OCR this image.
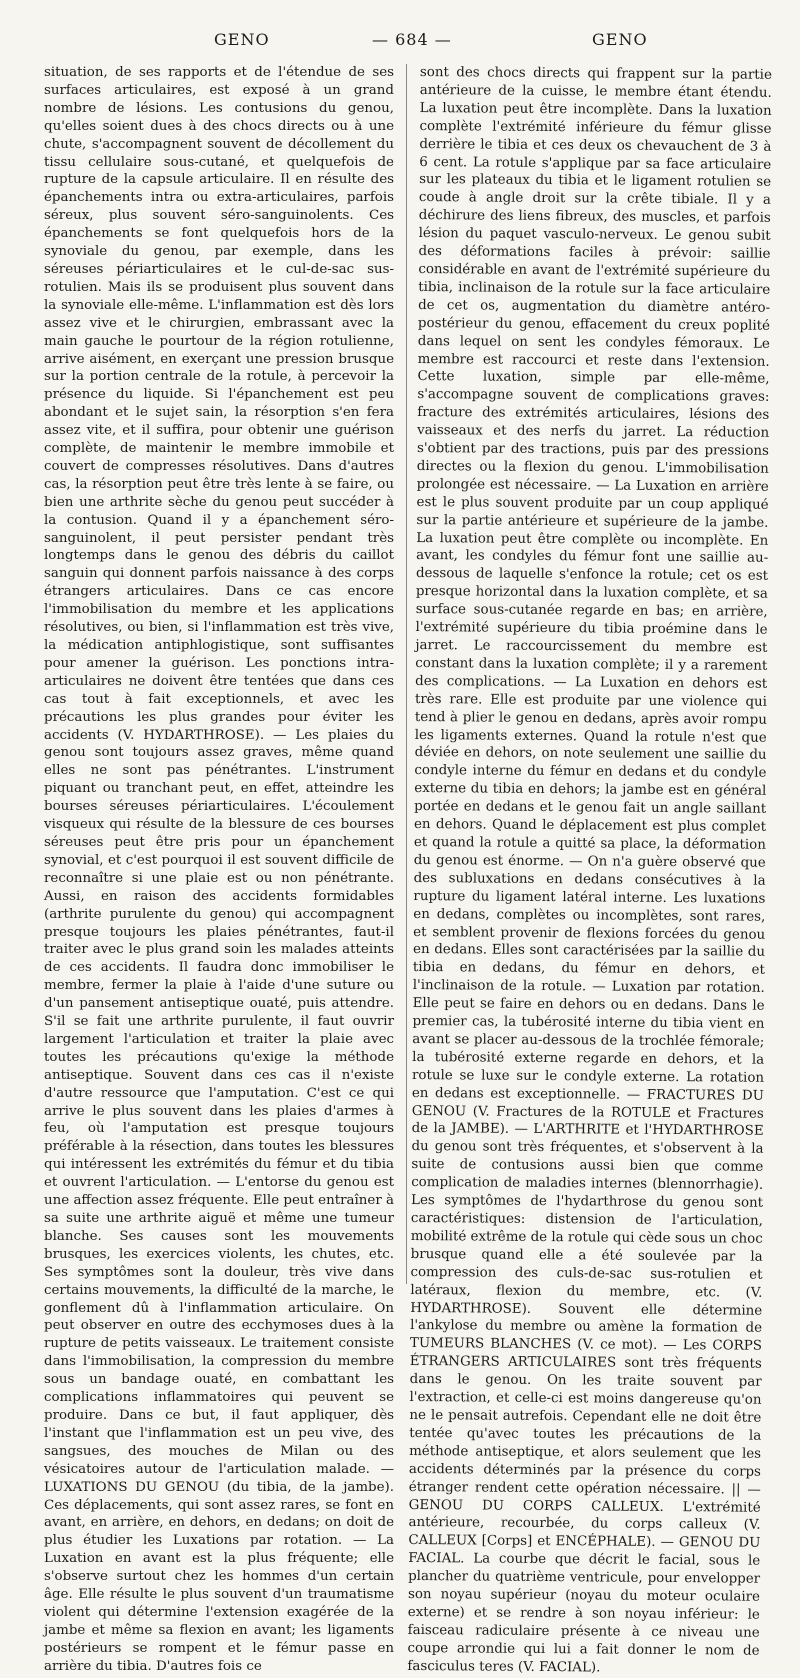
GENO	— 684 —	GENO

situation, de ses rapports et de l'étendue de ses surfaces articulaires, est exposé à un grand nombre de lésions. Les contusions du genou, qu'elles soient dues à des chocs directs ou à une chute, s'accompagnent souvent de décollement du tissu cellulaire sous-cutané, et quelquefois de rupture de la capsule articulaire. Il en résulte des épanchements intra ou extra-articulaires, parfois séreux, plus souvent séro-sanguinolents. Ces épanchements se font quelquefois hors de la synoviale du genou, par exemple, dans les séreuses périarticulaires et le cul-de-sac sus-rotulien. Mais ils se produisent plus souvent dans la synoviale elle-même. L'inflammation est dès lors assez vive et le chirurgien, embrassant avec la main gauche le pourtour de la région rotulienne, arrive aisément, en exerçant une pression brusque sur la portion centrale de la rotule, à percevoir la présence du liquide. Si l'épanchement est peu abondant et le sujet sain, la résorption s'en fera assez vite, et il suffira, pour obtenir une guérison complète, de maintenir le membre immobile et couvert de compresses résolutives. Dans d'autres cas, la résorption peut être très lente à se faire, ou bien une arthrite sèche du genou peut succéder à la contusion. Quand il y a épanchement séro-sanguinolent, il peut persister pendant très longtemps dans le genou des débris du caillot sanguin qui donnent parfois naissance à des corps étrangers articulaires. Dans ce cas encore l'immobilisation du membre et les applications résolutives, ou bien, si l'inflammation est très vive, la médication antiphlogistique, sont suffisantes pour amener la guérison. Les ponctions intra-articulaires ne doivent être tentées que dans ces cas tout à fait exceptionnels, et avec les précautions les plus grandes pour éviter les accidents (V. HYDARTHROSE). — Les plaies du genou sont toujours assez graves, même quand elles ne sont pas pénétrantes. L'instrument piquant ou tranchant peut, en effet, atteindre les bourses séreuses périarticulaires. L'écoulement visqueux qui résulte de la blessure de ces bourses séreuses peut être pris pour un épanchement synovial, et c'est pourquoi il est souvent difficile de reconnaître si une plaie est ou non pénétrante. Aussi, en raison des accidents formidables (arthrite purulente du genou) qui accompagnent presque toujours les plaies pénétrantes, faut-il traiter avec le plus grand soin les malades atteints de ces accidents. Il faudra donc immobiliser le membre, fermer la plaie à l'aide d'une suture ou d'un pansement antiseptique ouaté, puis attendre. S'il se fait une arthrite purulente, il faut ouvrir largement l'articulation et traiter la plaie avec toutes les précautions qu'exige la méthode antiseptique. Souvent dans ces cas il n'existe d'autre ressource que l'amputation. C'est ce qui arrive le plus souvent dans les plaies d'armes à feu, où l'amputation est presque toujours préférable à la résection, dans toutes les blessures qui intéressent les extrémités du fémur et du tibia et ouvrent l'articulation. — L'entorse du genou est une affection assez fréquente. Elle peut entraîner à sa suite une arthrite aiguë et même une tumeur blanche. Ses causes sont les mouvements brusques, les exercices violents, les chutes, etc. Ses symptômes sont la douleur, très vive dans certains mouvements, la difficulté de la marche, le gonflement dû à l'inflammation articulaire. On peut observer en outre des ecchymoses dues à la rupture de petits vaisseaux. Le traitement consiste dans l'immobilisation, la compression du membre sous un bandage ouaté, en combattant les complications inflammatoires qui peuvent se produire. Dans ce but, il faut appliquer, dès l'instant que l'inflammation est un peu vive, des sangsues, des mouches de Milan ou des vésicatoires autour de l'articulation malade. — LUXATIONS DU GENOU (du tibia, de la jambe). Ces déplacements, qui sont assez rares, se font en avant, en arrière, en dehors, en dedans; on doit de plus étudier les Luxations par rotation. — La Luxation en avant est la plus fréquente; elle s'observe surtout chez les hommes d'un certain âge. Elle résulte le plus souvent d'un traumatisme violent qui détermine l'extension exagérée de la jambe et même sa flexion en avant; les ligaments postérieurs se rompent et le fémur passe en arrière du tibia. D'autres fois ce

sont des chocs directs qui frappent sur la partie antérieure de la cuisse, le membre étant étendu. La luxation peut être incomplète. Dans la luxation complète l'extrémité inférieure du fémur glisse derrière le tibia et ces deux os chevauchent de 3 à 6 cent. La rotule s'applique par sa face articulaire sur les plateaux du tibia et le ligament rotulien se coude à angle droit sur la crête tibiale. Il y a déchirure des liens fibreux, des muscles, et parfois lésion du paquet vasculo-nerveux. Le genou subit des déformations faciles à prévoir: saillie considérable en avant de l'extrémité supérieure du tibia, inclinaison de la rotule sur la face articulaire de cet os, augmentation du diamètre antéro-postérieur du genou, effacement du creux poplité dans lequel on sent les condyles fémoraux. Le membre est raccourci et reste dans l'extension. Cette luxation, simple par elle-même, s'accompagne souvent de complications graves: fracture des extrémités articulaires, lésions des vaisseaux et des nerfs du jarret. La réduction s'obtient par des tractions, puis par des pressions directes ou la flexion du genou. L'immobilisation prolongée est nécessaire. — La Luxation en arrière est le plus souvent produite par un coup appliqué sur la partie antérieure et supérieure de la jambe. La luxation peut être complète ou incomplète. En avant, les condyles du fémur font une saillie au-dessous de laquelle s'enfonce la rotule; cet os est presque horizontal dans la luxation complète, et sa surface sous-cutanée regarde en bas; en arrière, l'extrémité supérieure du tibia proémine dans le jarret. Le raccourcissement du membre est constant dans la luxation complète; il y a rarement des complications. — La Luxation en dehors est très rare. Elle est produite par une violence qui tend à plier le genou en dedans, après avoir rompu les ligaments externes. Quand la rotule n'est que déviée en dehors, on note seulement une saillie du condyle interne du fémur en dedans et du condyle externe du tibia en dehors; la jambe est en général portée en dedans et le genou fait un angle saillant en dehors. Quand le déplacement est plus complet et quand la rotule a quitté sa place, la déformation du genou est énorme. — On n'a guère observé que des subluxations en dedans consécutives à la rupture du ligament latéral interne. Les luxations en dedans, complètes ou incomplètes, sont rares, et semblent provenir de flexions forcées du genou en dedans. Elles sont caractérisées par la saillie du tibia en dedans, du fémur en dehors, et l'inclinaison de la rotule. — Luxation par rotation. Elle peut se faire en dehors ou en dedans. Dans le premier cas, la tubérosité interne du tibia vient en avant se placer au-dessous de la trochlée fémorale; la tubérosité externe regarde en dehors, et la rotule se luxe sur le condyle externe. La rotation en dedans est exceptionnelle. — FRACTURES DU GENOU (V. Fractures de la ROTULE et Fractures de la JAMBE). — L'ARTHRITE et l'HYDARTHROSE du genou sont très fréquentes, et s'observent à la suite de contusions aussi bien que comme complication de maladies internes (blennorrhagie). Les symptômes de l'hydarthrose du genou sont caractéristiques: distension de l'articulation, mobilité extrême de la rotule qui cède sous un choc brusque quand elle a été soulevée par la compression des culs-de-sac sus-rotulien et latéraux, flexion du membre, etc. (V. HYDARTHROSE). Souvent elle détermine l'ankylose du membre ou amène la formation de TUMEURS BLANCHES (V. ce mot). — Les CORPS ÉTRANGERS ARTICULAIRES sont très fréquents dans le genou. On les traite souvent par l'extraction, et celle-ci est moins dangereuse qu'on ne le pensait autrefois. Cependant elle ne doit être tentée qu'avec toutes les précautions de la méthode antiseptique, et alors seulement que les accidents déterminés par la présence du corps étranger rendent cette opération nécessaire. || — GENOU DU CORPS CALLEUX. L'extrémité antérieure, recourbée, du corps calleux (V. CALLEUX [Corps] et ENCÉPHALE). — GENOU DU FACIAL. La courbe que décrit le facial, sous le plancher du quatrième ventricule, pour envelopper son noyau supérieur (noyau du moteur oculaire externe) et se rendre à son noyau inférieur: le faisceau radiculaire présente à ce niveau une coupe arrondie qui lui a fait donner le nom de fasciculus teres (V. FACIAL).
